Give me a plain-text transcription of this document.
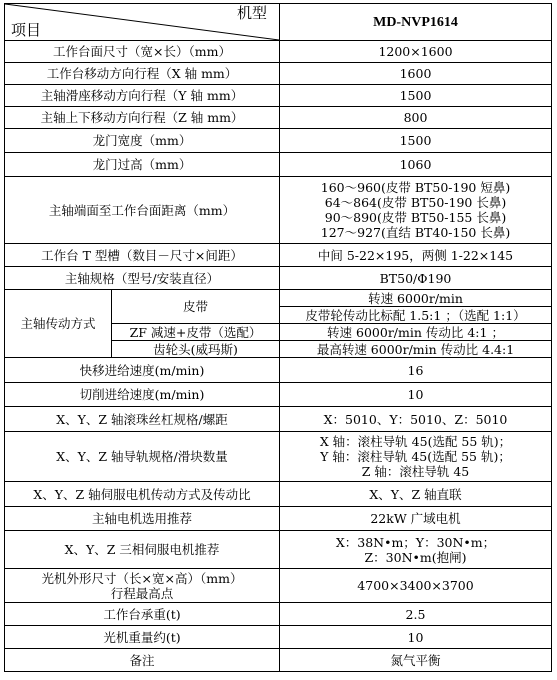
机型
项目		MD-NVP1614
工作台面尺寸（宽×长）（mm）		1200×1600
工作台移动方向行程（X 轴 mm）		1600
主轴滑座移动方向行程（Y 轴 mm）		1500
主轴上下移动方向行程（Z 轴 mm）		800
龙门宽度（mm）		1500
龙门过高（mm）		1060
主轴端面至工作台面距离（mm）		160～960(皮带 BT50-190 短鼻)
64～864(皮带 BT50-190 长鼻)
90～890(皮带 BT50-155 长鼻)
127～927(直结 BT40-150 长鼻)

工作台 T 型槽（数目－尺寸×间距）		中间 5-22×195，两侧 1-22×145
主轴规格（型号/安装直径）		BT50/Φ190
主轴传动方式	皮带	转速 6000r/min
		皮带轮传动比标配 1.5:1 ；（选配 1:1）
	ZF 减速+皮带（选配）	转速 6000r/min 传动比 4:1 ；
	齿轮头(威玛斯)	最高转速 6000r/min 传动比 4.4:1
快移进给速度(m/min)		16
切削进给速度(m/min)		10
X、Y、Z 轴滚珠丝杠规格/螺距		X：5010、Y：5010、Z：5010
X、Y、Z 轴导轨规格/滑块数量		X 轴：滚柱导轨 45(选配 55 轨)；
Y 轴：滚柱导轨 45(选配 55 轨)；
Z 轴：滚柱导轨 45

X、Y、Z 轴伺服电机传动方式及传动比		X、Y、Z 轴直联
主轴电机选用推荐		22kW 广域电机
X、Y、Z 三相伺服电机推荐		X：38N•m；Y：30N•m；
Z：30N•m(抱闸)

光机外形尺寸（长×宽×高）（mm）
行程最高点		4700×3400×3700
工作台承重(t)		2.5
光机重量约(t)		10
备注		氮气平衡
